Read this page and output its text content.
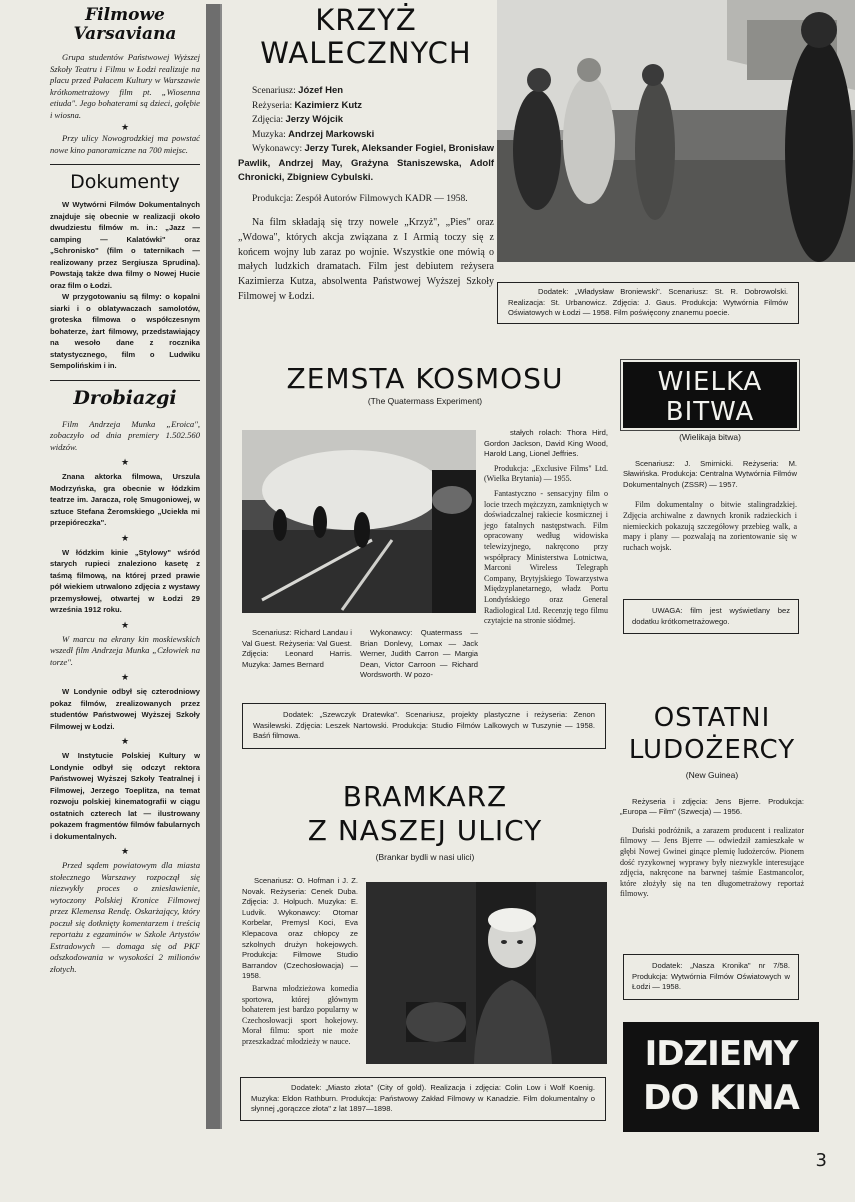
Filmowe Varsaviana

Grupa studentów Państwowej Wyższej Szkoły Teatru i Filmu w Łodzi realizuje na placu przed Pałacem Kultury w Warszawie krótkometrażowy film pt. „Wiosenna etiuda". Jego bohaterami są dzieci, gołębie i wiosna.

★

Przy ulicy Nowogrodzkiej ma powstać nowe kino panoramiczne na 700 miejsc.

Dokumenty

W Wytwórni Filmów Dokumentalnych znajduje się obecnie w realizacji około dwudziestu filmów m. in.: „Jazz — camping — Kalatówki" oraz „Schronisko" (film o taternikach — realizowany przez Sergiusza Sprudina). Powstają także dwa filmy o Nowej Hucie oraz film o Łodzi.

W przygotowaniu są filmy: o kopalni siarki i o oblatywaczach samolotów, groteska filmowa o współczesnym bohaterze, żart filmowy, przedstawiający na wesoło dane z rocznika statystycznego, film o Ludwiku Sempolińskim i in.

Drobiazgi

Film Andrzeja Munka „Eroica", zobaczyło od dnia premiery 1.502.560 widzów.

★

Znana aktorka filmowa, Urszula Modrzyńska, gra obecnie w łódzkim teatrze im. Jaracza, rolę Smugoniowej, w sztuce Stefana Żeromskiego „Uciekła mi przepióreczka".

★

W łódzkim kinie „Stylowy" wśród starych rupieci znaleziono kasetę z taśmą filmową, na której przed prawie pół wiekiem utrwalono zdjęcia z wystawy przemysłowej, otwartej w Łodzi 29 września 1912 roku.

★

W marcu na ekrany kin moskiewskich wszedł film Andrzeja Munka „Człowiek na torze".

★

W Londynie odbył się czterodniowy pokaz filmów, zrealizowanych przez studentów Państwowej Wyższej Szkoły Filmowej w Łodzi.

★

W Instytucie Polskiej Kultury w Londynie odbył się odczyt rektora Państwowej Wyższej Szkoły Teatralnej i Filmowej, Jerzego Toeplitza, na temat rozwoju polskiej kinematografii w ciągu ostatnich czterech lat — ilustrowany pokazem fragmentów filmów fabularnych i dokumentalnych.

★

Przed sądem powiatowym dla miasta stołecznego Warszawy rozpoczął się niezwykły proces o zniesławienie, wytoczony Polskiej Kronice Filmowej przez Klemensa Rendę. Oskarżający, który poczuł się dotknięty komentarzem i treścią reportażu z egzaminów w Szkole Artystów Estradowych — domaga się od PKF odszkodowania w wysokości 2 milionów złotych.

KRZYŻ
WALECZNYCH
Scenariusz: Józef Hen
Reżyseria: Kazimierz Kutz
Zdjęcia: Jerzy Wójcik
Muzyka: Andrzej Markowski

Wykonawcy: Jerzy Turek, Aleksander Fogiel, Bronisław Pawlik, Andrzej May, Grażyna Staniszewska, Adolf Chronicki, Zbigniew Cybulski.

Produkcja: Zespół Autorów Filmowych KADR — 1958.

Na film składają się trzy nowele „Krzyż", „Pies" oraz „Wdowa", których akcja związana z I Armią toczy się z końcem wojny lub zaraz po wojnie. Wszystkie one mówią o małych ludzkich dramatach. Film jest debiutem reżysera Kazimierza Kutza, absolwenta Państwowej Wyższej Szkoły Filmowej w Łodzi.	Dodatek: „Władysław Broniewski". Scenariusz: St. R. Dobrowolski. Realizacja: St. Urbanowicz. Zdjęcia: J. Gaus. Produkcja: Wytwórnia Filmów Oświatowych w Łodzi — 1958. Film poświęcony znanemu poecie.

ZEMSTA KOSMOSU
(The Quatermass Experiment)

stałych rolach: Thora Hird, Gordon Jackson, David King Wood, Harold Lang, Lionel Jeffries.

Produkcja: „Exclusive Films" Ltd. (Wielka Brytania) — 1955.

Fantastyczno - sensacyjny film o locie trzech mężczyzn, zamkniętych w doświadczalnej rakiecie kosmicznej i jego fatalnych następstwach. Film opracowany według widowiska telewizyjnego, nakręcono przy współpracy Ministerstwa Lotnictwa, Marconi Wireless Telegraph Company, Brytyjskiego Towarzystwa Międzyplanetarnego, władz Portu Londyńskiego oraz General Radiological Ltd. Recenzję tego filmu czytajcie na stronie siódmej.

Scenariusz: Richard Landau i Val Guest. Reżyseria: Val Guest. Zdjęcia: Leonard Harris. Muzyka: James Bernard

Wykonawcy: Quatermass — Brian Donlevy, Lomax — Jack Werner, Judith Carron — Margia Dean, Victor Carroon — Richard Wordsworth. W pozo-

Dodatek: „Szewczyk Dratewka". Scenariusz, projekty plastyczne i reżyseria: Zenon Wasilewski. Zdjęcia: Leszek Nartowski. Produkcja: Studio Filmów Lalkowych w Tuszynie — 1958. Baśń filmowa.

WIELKA
BITWA
(Wielikaja bitwa)

Scenariusz: J. Smirnicki. Reżyseria: M. Sławińska. Produkcja: Centralna Wytwórnia Filmów Dokumentalnych (ZSSR) — 1957.

Film dokumentalny o bitwie stalingradzkiej. Zdjęcia archiwalne z dawnych kronik radzieckich i niemieckich pokazują szczegółowy przebieg walk, a mapy i plany — pozwalają na zorientowanie się w ruchach wojsk.

UWAGA: film jest wyświetlany bez dodatku krótkometrażowego.

OSTATNI
LUDOŻERCY
(New Guinea)

Reżyseria i zdjęcia: Jens Bjerre. Produkcja: „Europa — Film" (Szwecja) — 1956.

Duński podróżnik, a zarazem producent i realizator filmowy — Jens Bjerre — odwiedził zamieszkałe w głębi Nowej Gwinei ginące plemię ludożerców. Pionem dość ryzykownej wyprawy były niezwykle interesujące zdjęcia, nakręcone na barwnej taśmie Eastmancolor, które złożyły się na ten długometrażowy reportaż filmowy.

Dodatek: „Nasza Kronika" nr 7/58. Produkcja: Wytwórnia Filmów Oświatowych w Łodzi — 1958.

IDZIEMY
DO KINA
BRAMKARZ
Z NASZEJ ULICY
(Brankar bydli w nasi ulici)

Scenariusz: O. Hofman i J. Z. Novak. Reżyseria: Cenek Duba. Zdjęcia: J. Holpuch. Muzyka: E. Ludvik. Wykonawcy: Otomar Korbelar, Premysl Koci, Eva Klepacova oraz chłopcy ze szkolnych drużyn hokejowych. Produkcja: Filmowe Studio Barrandov (Czechosłowacja) — 1958.

Barwna młodzieżowa komedia sportowa, której głównym bohaterem jest bardzo popularny w Czechosłowacji sport hokejowy. Morał filmu: sport nie może przeszkadzać młodzieży w nauce.

Dodatek: „Miasto złota" (City of gold). Realizacja i zdjęcia: Colin Low i Wolf Koenig. Muzyka: Eldon Rathburn. Produkcja: Państwowy Zakład Filmowy w Kanadzie. Film dokumentalny o słynnej „gorączce złota" z lat 1897—1898.

3
